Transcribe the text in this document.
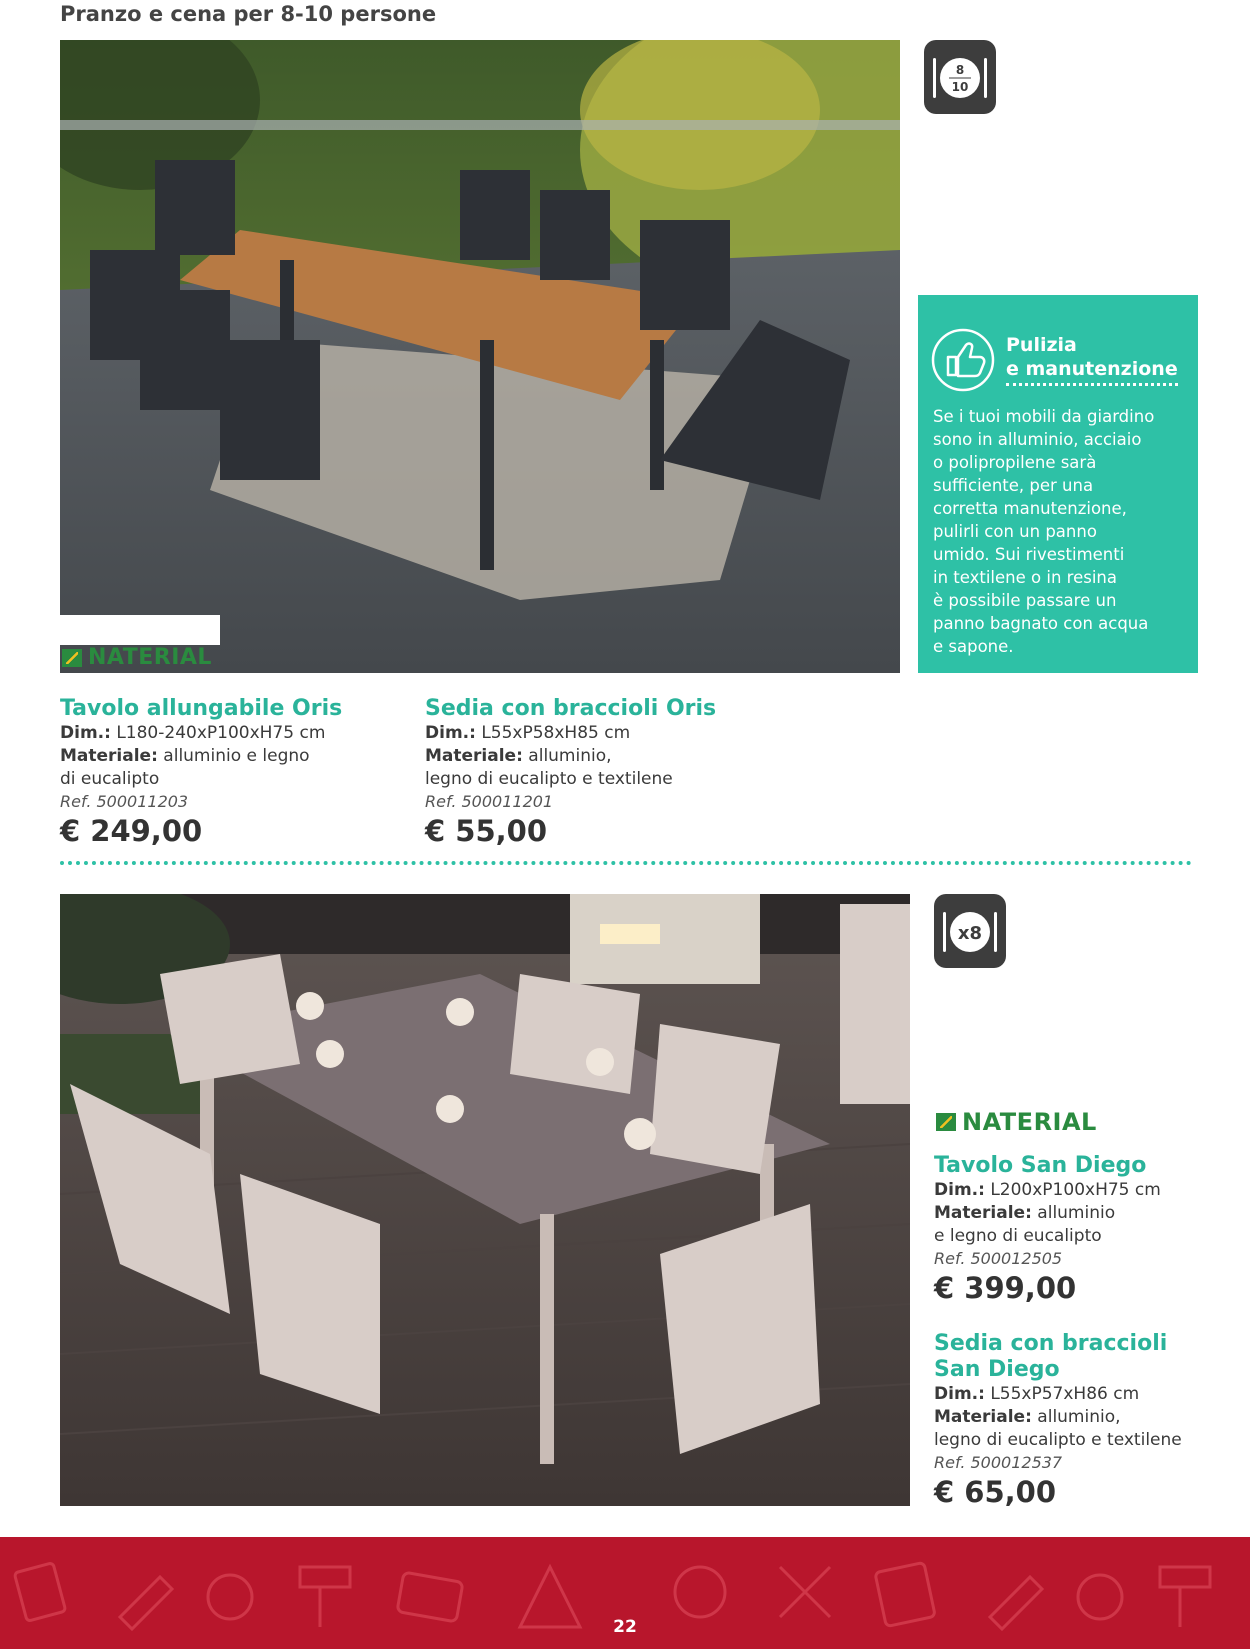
Pranzo e cena per 8-10 persone
NATERIAL
8
10
Pulizia
e manutenzione
Se i tuoi mobili da giardino
sono in alluminio, acciaio
o polipropilene sarà
sufficiente, per una
corretta manutenzione,
pulirli con un panno
umido. Sui rivestimenti
in textilene o in resina
è possibile passare un
panno bagnato con acqua
e sapone.
Tavolo allungabile Oris
Dim.: L180-240xP100xH75 cm
Materiale: alluminio e legno
di eucalipto
Ref. 500011203
€ 249,00
Sedia con braccioli Oris
Dim.: L55xP58xH85 cm
Materiale: alluminio,
legno di eucalipto e textilene
Ref. 500011201
€ 55,00
x8
NATERIAL
Tavolo San Diego
Dim.: L200xP100xH75 cm
Materiale: alluminio
e legno di eucalipto
Ref. 500012505
€ 399,00
Sedia con braccioli
San Diego
Dim.: L55xP57xH86 cm
Materiale: alluminio,
legno di eucalipto e textilene
Ref. 500012537
€ 65,00
22
